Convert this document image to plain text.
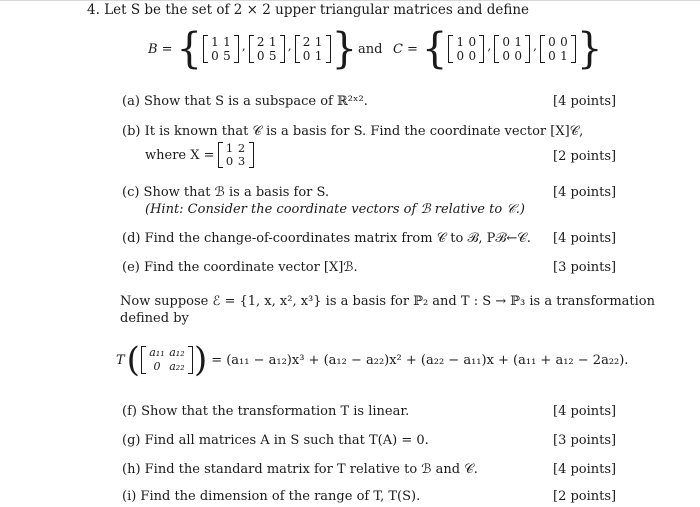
4. Let S be the set of 2 × 2 upper triangular matrices and define
B = { 1 1
0 5
, 2 1
0 5
, 2 1
0 1 } and C = { 1 0
0 0
, 0 1
0 0
, 0 0
0 1 }
(a) Show that S is a subspace of ℝ²ˣ².	[4 points]
(b) It is known that 𝒞 is a basis for S. Find the coordinate vector [X]𝒞,
where X = 1 2
0 3	[2 points]
(c) Show that ℬ is a basis for S.
(Hint: Consider the coordinate vectors of ℬ relative to 𝒞.)
[4 points]
(d) Find the change-of-coordinates matrix from 𝒞 to ℬ, Pℬ←𝒞. [4 points]
(e) Find the coordinate vector [X]ℬ.	[3 points]
Now suppose ℰ = {1, x, x², x³} is a basis for ℙ₂ and T : S → ℙ₃ is a transformation
defined by
T ( a₁₁ a₁₂
0 a₂₂ ) = (a₁₁ − a₁₂)x³ + (a₁₂ − a₂₂)x² + (a₂₂ − a₁₁)x + (a₁₁ + a₁₂ − 2a₂₂).
(f) Show that the transformation T is linear.	[4 points]
(g) Find all matrices A in S such that T(A) = 0.	[3 points]
(h) Find the standard matrix for T relative to ℬ and 𝒞.	[4 points]
(i) Find the dimension of the range of T, T(S).	[2 points]
